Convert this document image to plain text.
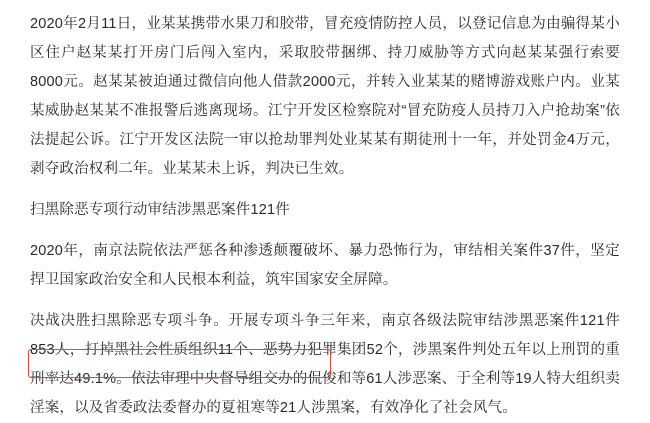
2020年2月11日，业某某携带水果刀和胶带，冒充疫情防控人员，以登记信息为由骗得某小区住户赵某某打开房门后闯入室内，采取胶带捆绑、持刀威胁等方式向赵某某强行索要8000元。赵某某被迫通过微信向他人借款2000元，并转入业某某的赌博游戏账户内。业某某威胁赵某某不准报警后逃离现场。江宁开发区检察院对“冒充防疫人员持刀入户抢劫案”依法提起公诉。江宁开发区法院一审以抢劫罪判处业某某有期徒刑十一年，并处罚金4万元，剥夺政治权利二年。业某某未上诉，判决已生效。

扫黑除恶专项行动审结涉黑恶案件121件

2020年，南京法院依法严惩各种渗透颠覆破坏、暴力恐怖行为，审结相关案件37件，坚定捍卫国家政治安全和人民根本利益，筑牢国家安全屏障。

决战决胜扫黑除恶专项斗争。开展专项斗争三年来，南京各级法院审结涉黑恶案件121件853人，打掉黑社会性质组织11个、恶势力犯罪集团52个，涉黑案件判处五年以上刑罚的重刑率达49.1%。依法审理中央督导组交办的侃俊和等61人涉恶案、于全利等19人特大组织卖淫案，以及省委政法委督办的夏祖寒等21人涉黑案，有效净化了社会风气。
